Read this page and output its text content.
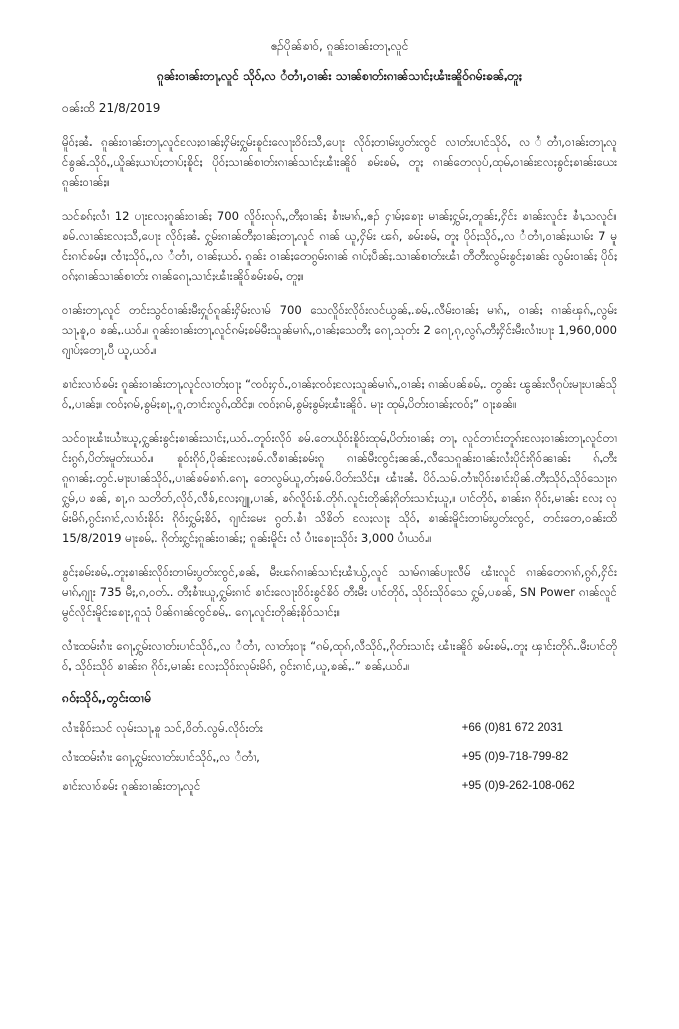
ဧၣ်ပိုၼ်ၶၢဝ်, ၵူၼ်းဝၢၼ်းတႃႇလူင်
ၵူၼ်းဝၢၼ်းတႃႇလူင် သိုဝ်ႇလ ႆတၢႆ,ဝၢၼ်း သၢၼ်စၢတ်းၵၢၼ်သၢင်ႈၽၢႆးၼိူဝ်ၵမ်းၶၼ်ႇတူႈ
ဝၼ်းထိ 21/8/2019

မိူဝ်ႈၼႆႉ ၵူၼ်းဝၢၼ်းတႃႇလူင်လႄႈဝၢၼ်ႈႁိမ်းႁွမ်းၶူင်းလေႃးဝိဝ်းသီ,ပေႃး လိုဝ်ႈတၢမ်းပွတ်းၸွင် လၢတ်းပၢင်သိုဝ်ႇ လ ႆတၢႆ,ဝၢၼ်းတႃႇလူင်ၶွၼ်ႉသိုဝ်ႇ,ယိူၼ်ႈယၢပ်ႈတၢပ်ႈၶိူင်ႈ ပိုဝ်ႈသၢၼ်စၢတ်းၵၢၼ်သၢင်ႈၽၢႆးၼိူဝ် ၶမ်းၶမ်ႇ တူႈ ၵၢၼ်တေလုပ်,ထုမ်ႇဝၢၼ်းလႄႈၶွင်ႈၶၢၼ်းယေး ၵူၼ်းဝၢၼ်ႈ။

သင်ၶၵ်ႈလၢႆ 12 ပႃးလႄႈၵူၼ်းဝၢၼ်ႈ 700 လိူဝ်းလုၵ်ႇ,တီႈဝၢၼ်ႈ ၶၢႆးမၢၵ်ႇ,ဧၣ် ႁၢမ်ႈၶေႃး မၢၼ်ႈႁွမ်း,တူၼ်း,ႁိင်း ၶၢၼ်းလူင်ႊ ၶၢႆႇသလူင်။ ၶမ်.လၢၼ်းလႄႈသီ,ပေႃး လိုဝ်ႈၼႆႉ ႁွမ်းၵၢၼ်တီႈဝၢၼ်ႈတႃႇလူင် ၵၢၼ် ယူ,ႁိမ်း ၽၵ်, ၶမ်းၶမ်ႇ တူႈ ပိုဝ်ႈသိုဝ်ႇ,လ ႆတၢႆ,ဝၢၼ်ႈယၢမ်း 7 မူင်းၵၢင်ၶမ်ႈ။ ၸၢႆႈသိုဝ်ႇ,လ ႆတၢႆ, ဝၢၼ်ႈယဝ်ႉ ၵူၼ်း ဝၢၼ်ႈတေၵွမ်းၵၢၼ် ၵၢပ်ႈပဵၼ်ႈ.သၢၼ်စၢတ်းၽၢႆ တီတီးလွမ်းၶွင်ႈၶၢၼ်း လွမ်းဝၢၼ်ႈ ပိုဝ်ႈဝၵ်ႈၵၢၼ်သၢၼ်စၢတ်း ၵၢၼ်ၵေႃႇသၢင်ႈၽၢႆးၼိူဝ်ၶမ်းၶမ်ႇ တူႈ။

ဝၢၼ်းတႃႇလူင် တင်းသွင်ဝၢၼ်းမီးႁူဝ်ၵူၼ်းႁိမ်းလၢမ် 700 သေလိူဝ်းလိုဝ်းလင်ယွၼ်ႇ.ၶမ်ႇ.လီမ်းဝၢၼ်ႈ မၢၵ်ႇ, ဝၢၼ်ႈ ၵၢၼ်ၾၵ်ႇ,လွမ်း သႃႇၶူ,ဝ ၶၼ်ႇ.ယဝ်ႉ။ ၵူၼ်းဝၢၼ်းတႃႇလူင်ၵမ်ႈၶမ်မီးသူၼ်မၢၵ်ႇ,ဝၢၼ်ႈသေတီႈ ၵေႃ,သုတ်း 2 ၵေႃ,ၵု,လွၵ်ႇတီႈႁိင်းမီးလၢႆးပႃး 1,960,000 ၵျၢပ်ႈတေႃ,ပီ ယူ,ယဝ်ႉ။

ၶၢင်းလၢဝ်ၶမ်း ၵူၼ်းဝၢၼ်းတႃႇလူင်လၢတ်ႈဝႃႈ “ၸဝ်ႈႁဝ်ႉ,ဝၢၼ်ႈၸဝ်ႈလႄႈသူၼ်မၢၵ်ႇ,ဝၢၼ်ႈ ၵၢၼ်ပၼ်ၶမ်ႇ. တွၼ်း ၽွၼ်းလီၵုပ်းမႃးပၢၼ်သိုဝ်ႇ,ပၢၼ်ႈ။ ၸဝ်ႈၵမ်,ၶွမ်ႈၶႃႇ,ၵူ,တၢင်းလွၵ်ႇထိင်ႈ။ ၸဝ်ႈၵမ်,ၶွမ်ႈၶွမ်ႈၽၢႆးၼိူဝ်. မႃး ထုမ်ႇပိတ်းဝၢၼ်ႈၸဝ်ႈ” ဝႃႈၶၼ်။

သင်ဝႃးၽၢႆးယၢႆးယူ,ႁွၼ်းၶွင်ႈၶၢၼ်းသၢင်ႈ,ယဝ်ႉ.တူဝ်းလိုဝ် ၶမ်.တေယိုဝ်းၶိူဝ်းထုမ်ႇပိတ်းဝၢၼ်ႈ တႃႇ လူင်တၢင်းတူၵ်းလႄႈဝၢၼ်းတႃႇလူင်တၢင်းၵွၵ်,ပိတ်းမူတ်းယဝ်ႉ။ ၶူဝ်းၵိုဝ်,ပိုၼ်းလႄႈၶမ်.လီၶၢၼ်ႈၶမ်းၵူ ၵၢၼ်မီးၸွင်ႈၼၼ်ႉ,လီသေၵူၼ်းဝၢၼ်းလႆးပိုင်းၵိုဝ်ၼၢၼ်း ၵ်ႇတီးၵူၵၢၼ်ႈ.တွင်.မႃးပၢၼ်သိုဝ်ႇ,ပၢၼ်ၶမ်ၶၢၵ်.ၵေႃႇ တေလွမ်ယူ,တ်ႈၶမ်.ပိတ်းသိင်ႈ။ ၽၢႆးၼႆႉ ပိဝ်ႉသမ်.တၢႆးပိုဝ်းၶၢင်းပိုၼ်.တီႈသိုဝ်ႇသိုဝ်သေႃးၵ ႁွမ်,ပ ၶၼ်, ၶႃ,ၵ သတိတ်,လိုဝ်,လီၶ်,လႄႈၵျူ,ပၢၼ်, ၶၵ်လိူဝ်းၶ်.တိုၵ်.လူင်းတိုၼ်ႈၵိုတ်းသၢင်ႈယူ,။ ပၢင်တိုဝ်ႇ ၶၢၼ်းၵ ၵိုဝ်း,မၢၼ်း လႄႈ လုမ်းမိၵ်,ၵွင်းၵၢင်,လၢဝ်းၶိုဝ်း ၵိုဝ်းႁွမ်ႈၶိဝ်ႇ ၵျၢင်းမေး ၵွတ်.ၶၢႆ သိၶိတ် လႄႈလႃႈ သိုဝ်ႇ ၶၢၼ်းမိူင်းတၢမ်းပွတ်းၸွင်, တင်းတေ,ဝၼ်းထိ 15/8/2019 မႃးၶမ်ႇ. ၵိုတ်းႁွင်ႈၵူၼ်းဝၢၼ်ႈ; ၵူၼ်းမိူင်း လႆ ပၢႆးၶေႃးသိုဝ်း 3,000 ပၢႆယဝ်ႉ။

ၶွင်ႈၶမ်းၶမ်ႇ.တူႈၶၢၼ်းလိုဝ်းတၢမ်းပွတ်းၸွင်,ၶၼ်ႇ မီးၽၵ်ၵၢၼ်သၢင်ႈၽၢႆယွ်,လူင် သၢမ်ၵၢၼ်ပႃးလီမ် ၽၢႆးလူင် ၵၢၼ်တေၵၢၵ်,ၵွၵ်,ႁိင်းမၢၵ်ႇၵျႃး 735 မီႈ,ၵ,ဝတ်ႉ. တီႈၶၢႆးယူ,ႁွမ်းၵၢင် ၶၢင်းလေႃးဝိဝ်းၶွင်ၶိဝ် တီးမီး ပၢင်တိုဝ်ႇ သိုဝ်းသိုဝ်သေ ႁွမ်,ပၶၼ်, SN Power ၵၢၼ်လူင်မွင်လိုင်းမိူင်းၶေႃး,ၵူသုံ ပိၼ်ၵၢၼ်ၸွင်ၶမ်ႇ. ၵေႃႇလူင်းတိုၼ်ႈၶိုဝ်သၢင်ႈ။

လၢႆးထမ်းၵၢႆး ၵေႃႇႁွမ်းလၢတ်းပၢင်သိုဝ်ႇ,လ ႆတၢႆ, လၢတ်ႈဝႃႈ “ၵမ်,ထုၵ်,လီသိုဝ်ႇ,ၵိုတ်းသၢင်ႈ ၽၢႆးၼိူဝ် ၶမ်းၶမ်ႇ.တူႈ ၾၢင်းတိုၵ်ႉ.မီးပၢင်တိုဝ်ႇ သိုဝ်းသိုဝ် ၶၢၼ်းၵ ၵိုဝ်း,မၢၼ်း လႄႈသိုဝ်းလုမ်းမိၵ်, ၵွင်းၵၢင်,ယူ,ၶၼ်ႇ.” ၶၼ်ႇယဝ်ႉ။

ၵဝ်ႈသိုဝ်ႇ,တွင်းထၢမ်
လၢႆးၶိုဝ်းသင် လုမ်းသႃႇၶူ သင်,ဝိတ်.လွမ်.လိုဝ်းတ်း	+66 (0)81 672 2031
လၢႆးထမ်းၵၢႆး ၵေႃႇႁွမ်းလၢတ်းပၢင်သိုဝ်ႇ,လ ႆတၢႆ,	+95 (0)9-718-799-82
ၶၢင်းလၢဝ်ၶမ်း ၵူၼ်းဝၢၼ်းတႃႇလူင်	+95 (0)9-262-108-062
